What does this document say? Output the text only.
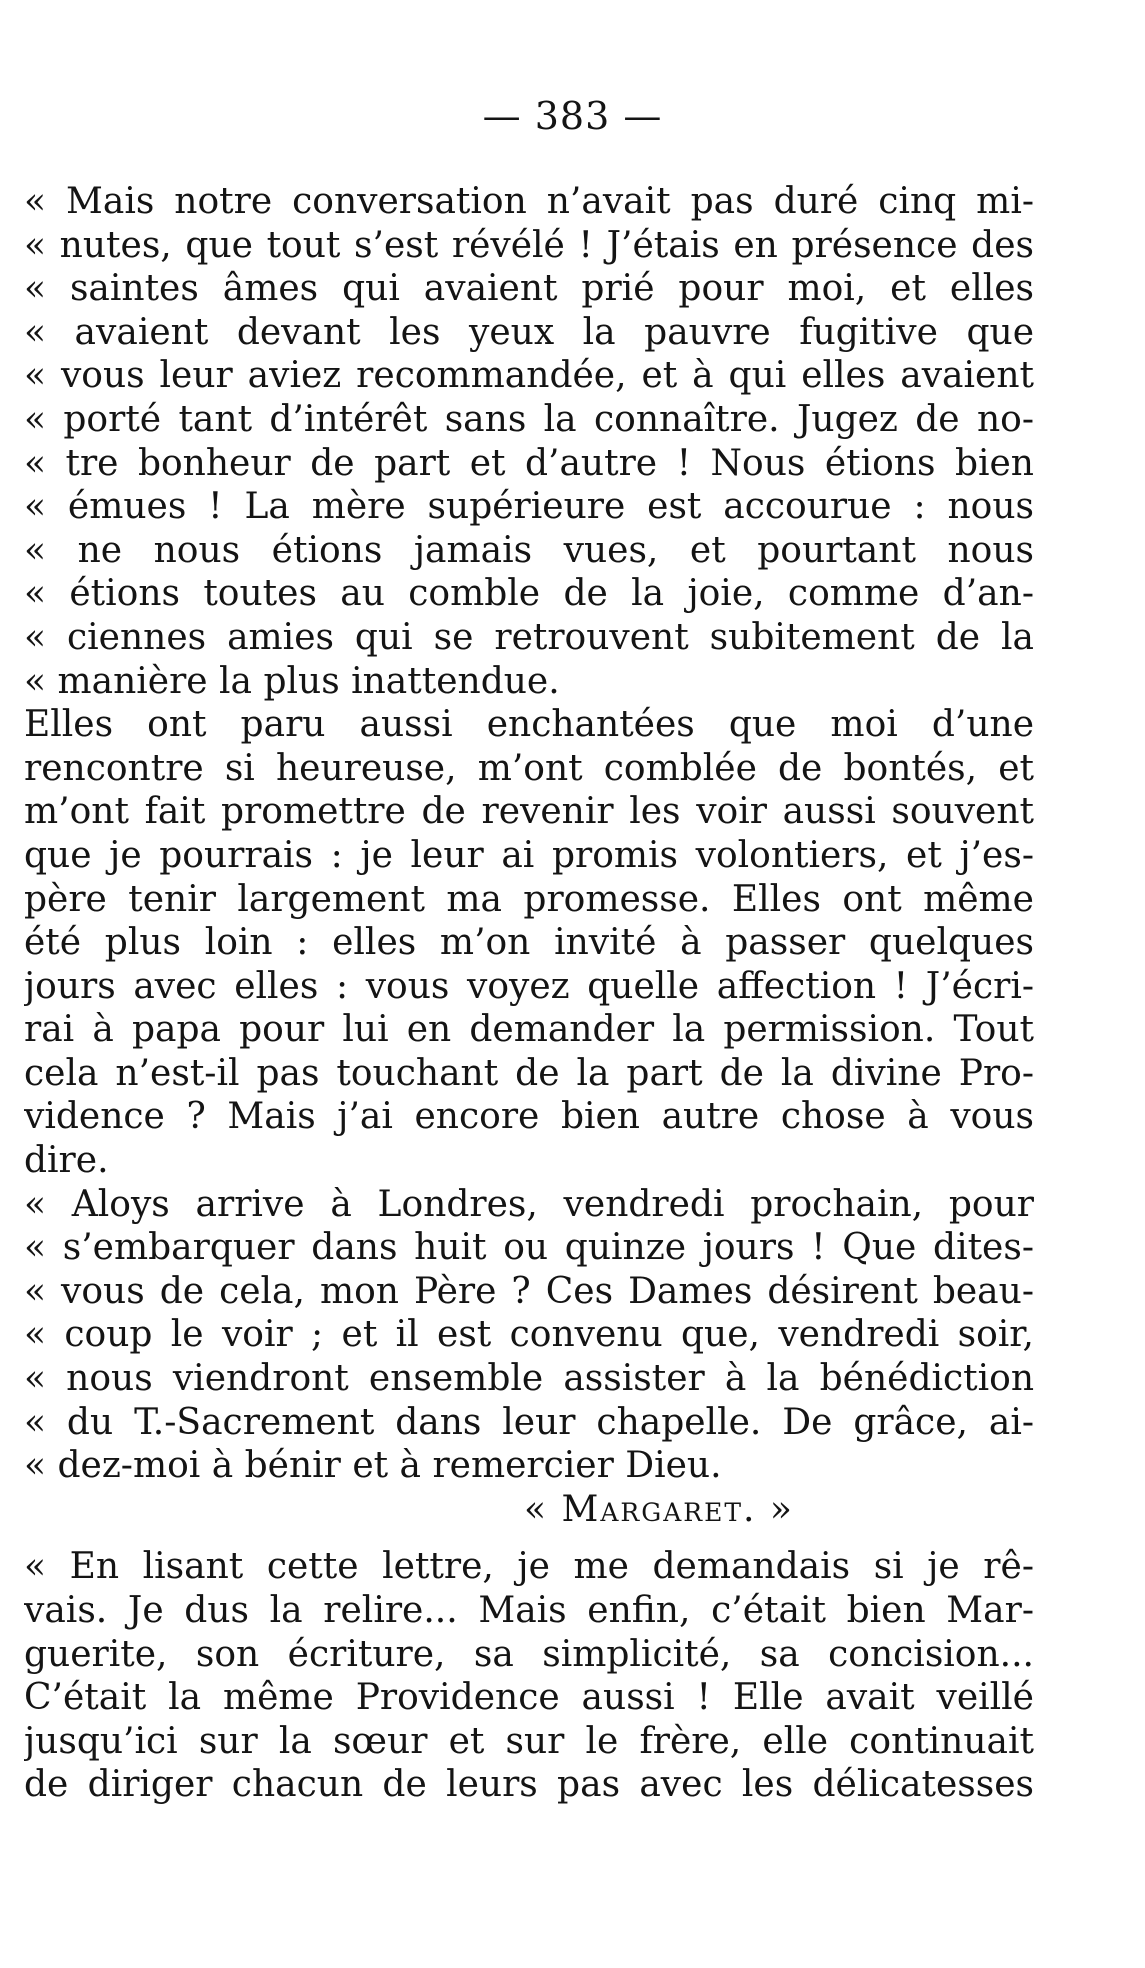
— 383 —
« Mais notre conversation n’avait pas duré cinq mi-
« nutes, que tout s’est révélé ! J’étais en présence des
« saintes âmes qui avaient prié pour moi, et elles
« avaient devant les yeux la pauvre fugitive que
« vous leur aviez recommandée, et à qui elles avaient
« porté tant d’intérêt sans la connaître. Jugez de no-
« tre bonheur de part et d’autre ! Nous étions bien
« émues ! La mère supérieure est accourue : nous
« ne nous étions jamais vues, et pourtant nous
« étions toutes au comble de la joie, comme d’an-
« ciennes amies qui se retrouvent subitement de la
« manière la plus inattendue.
Elles ont paru aussi enchantées que moi d’une
rencontre si heureuse, m’ont comblée de bontés, et
m’ont fait promettre de revenir les voir aussi souvent
que je pourrais : je leur ai promis volontiers, et j’es-
père tenir largement ma promesse. Elles ont même
été plus loin : elles m’on invité à passer quelques
jours avec elles : vous voyez quelle affection ! J’écri-
rai à papa pour lui en demander la permission. Tout
cela n’est-il pas touchant de la part de la divine Pro-
vidence ? Mais j’ai encore bien autre chose à vous
dire.
« Aloys arrive à Londres, vendredi prochain, pour
« s’embarquer dans huit ou quinze jours ! Que dites-
« vous de cela, mon Père ? Ces Dames désirent beau-
« coup le voir ; et il est convenu que, vendredi soir,
« nous viendront ensemble assister à la bénédiction
« du T.-Sacrement dans leur chapelle. De grâce, ai-
« dez-moi à bénir et à remercier Dieu.
« Margaret. »
« En lisant cette lettre, je me demandais si je rê-
vais. Je dus la relire... Mais enfin, c’était bien Mar-
guerite, son écriture, sa simplicité, sa concision...
C’était la même Providence aussi ! Elle avait veillé
jusqu’ici sur la sœur et sur le frère, elle continuait
de diriger chacun de leurs pas avec les délicatesses
